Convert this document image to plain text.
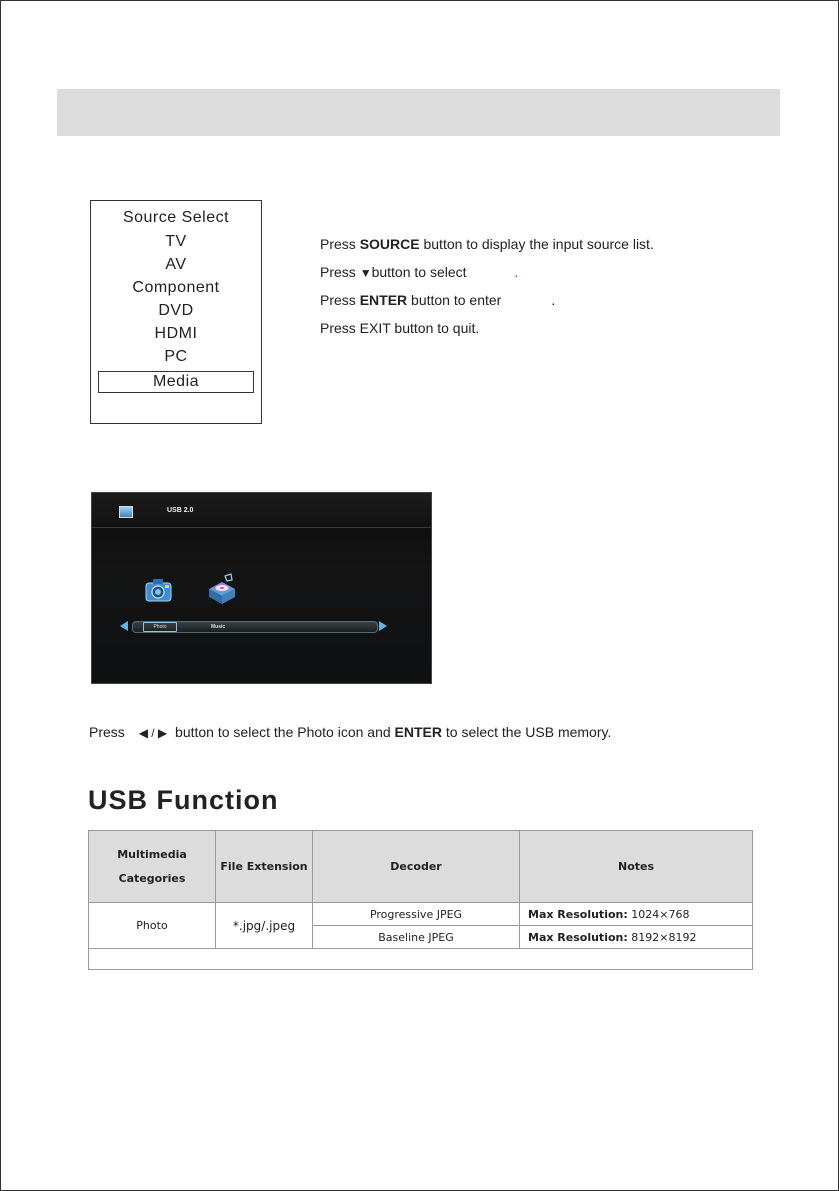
Source Select
TV
AV
Component
DVD
HDMI
PC
Media
Press SOURCE button to display the input source list.
Press ▼button to select	.
Press ENTER button to enter	.
Press EXIT button to quit.
USB 2.0
Photo	Music
Press ◀ / ▶ button to select the Photo icon and ENTER to select the USB memory.
USB Function
Multimedia Categories	File Extension	Decoder	Notes
Photo	*.jpg/.jpeg	Progressive JPEG	Max Resolution: 1024×768
		Baseline JPEG	Max Resolution: 8192×8192
